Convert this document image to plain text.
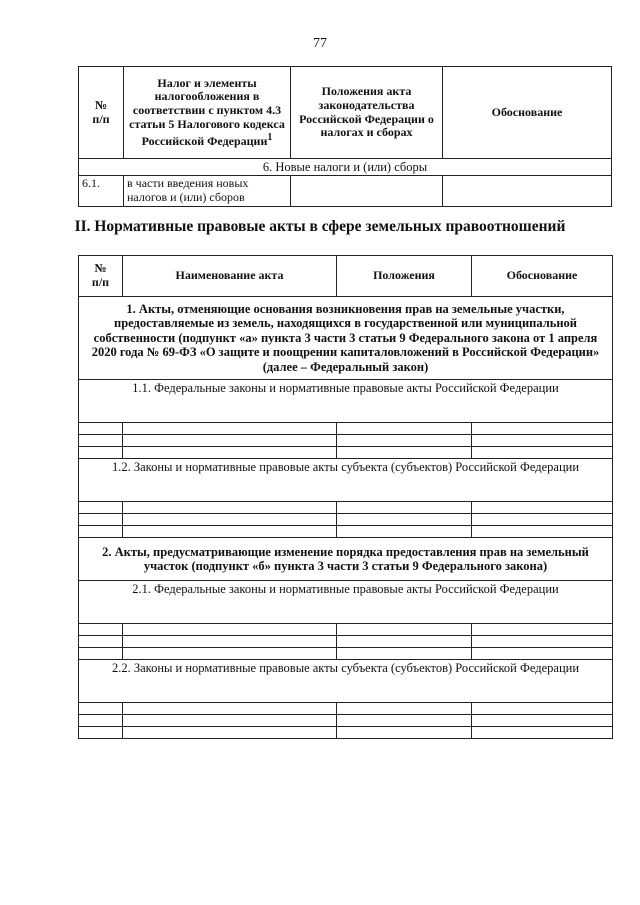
77
№
п/п	Налог и элементы налогообложения в соответствии с пунктом 4.3 статьи 5 Налогового кодекса Российской Федерации$^1$	Положения акта законодательства Российской Федерации о налогах и сборах	Обоснование
6. Новые налоги и (или) сборы			
6.1.	в части введения новых налогов и (или) сборов		
II. Нормативные правовые акты в сфере земельных правоотношений
№
п/п	Наименование акта	Положения	Обоснование
1. Акты, отменяющие основания возникновения прав на земельные участки, предоставляемые из земель, находящихся в государственной или муниципальной собственности (подпункт «а» пункта 3 части 3 статьи 9 Федерального закона от 1 апреля 2020 года № 69-ФЗ «О защите и поощрении капиталовложений в Российской Федерации» (далее – Федеральный закон)			
1.1. Федеральные законы и нормативные правовые акты Российской Федерации			

1.2. Законы и нормативные правовые акты субъекта (субъектов) Российской Федерации			

2. Акты, предусматривающие изменение порядка предоставления прав на земельный участок (подпункт «б» пункта 3 части 3 статьи 9 Федерального закона)			
2.1. Федеральные законы и нормативные правовые акты Российской Федерации			

2.2. Законы и нормативные правовые акты субъекта (субъектов) Российской Федерации			
